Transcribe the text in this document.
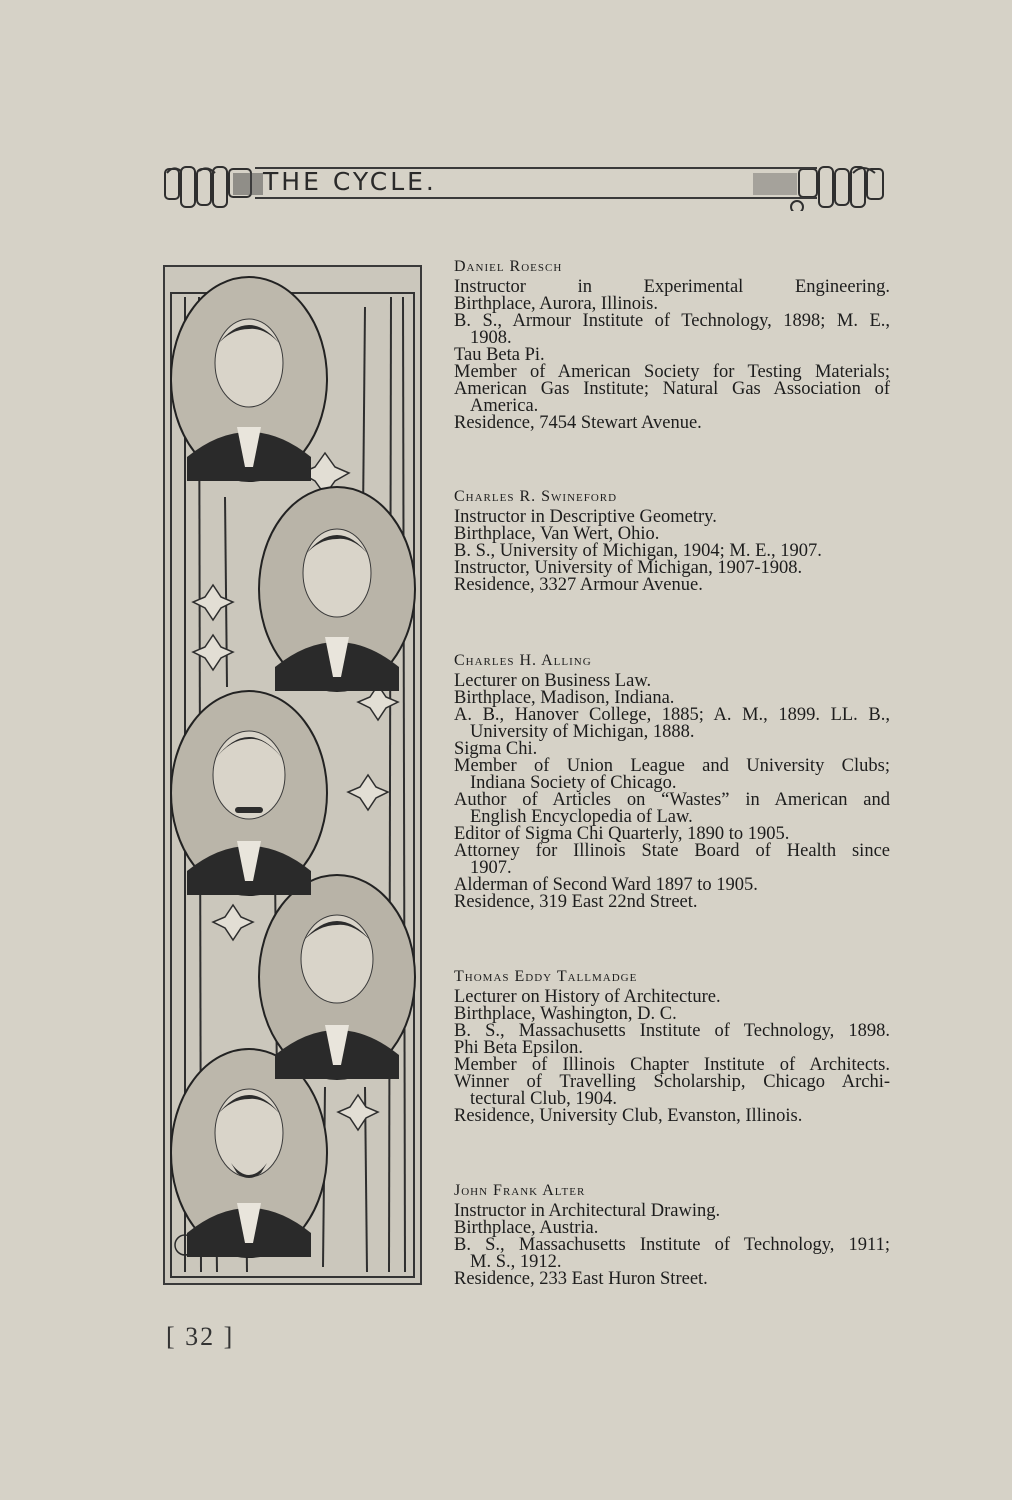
THE CYCLE.
Daniel Roesch
Instructor in Experimental Engineering.
Birthplace, Aurora, Illinois.
B. S., Armour Institute of Technology, 1898; M. E.,
1908.
Tau Beta Pi.
Member of American Society for Testing Materials;
American Gas Institute; Natural Gas Association of
America.
Residence, 7454 Stewart Avenue.
Charles R. Swineford
Instructor in Descriptive Geometry.
Birthplace, Van Wert, Ohio.
B. S., University of Michigan, 1904; M. E., 1907.
Instructor, University of Michigan, 1907-1908.
Residence, 3327 Armour Avenue.
Charles H. Alling
Lecturer on Business Law.
Birthplace, Madison, Indiana.
A. B., Hanover College, 1885; A. M., 1899. LL. B.,
University of Michigan, 1888.
Sigma Chi.
Member of Union League and University Clubs;
Indiana Society of Chicago.
Author of Articles on “Wastes” in American and
English Encyclopedia of Law.
Editor of Sigma Chi Quarterly, 1890 to 1905.
Attorney for Illinois State Board of Health since
1907.
Alderman of Second Ward 1897 to 1905.
Residence, 319 East 22nd Street.
Thomas Eddy Tallmadge
Lecturer on History of Architecture.
Birthplace, Washington, D. C.
B. S., Massachusetts Institute of Technology, 1898.
Phi Beta Epsilon.
Member of Illinois Chapter Institute of Architects.
Winner of Travelling Scholarship, Chicago Archi-
tectural Club, 1904.
Residence, University Club, Evanston, Illinois.
John Frank Alter
Instructor in Architectural Drawing.
Birthplace, Austria.
B. S., Massachusetts Institute of Technology, 1911;
M. S., 1912.
Residence, 233 East Huron Street.
[ 32 ]
